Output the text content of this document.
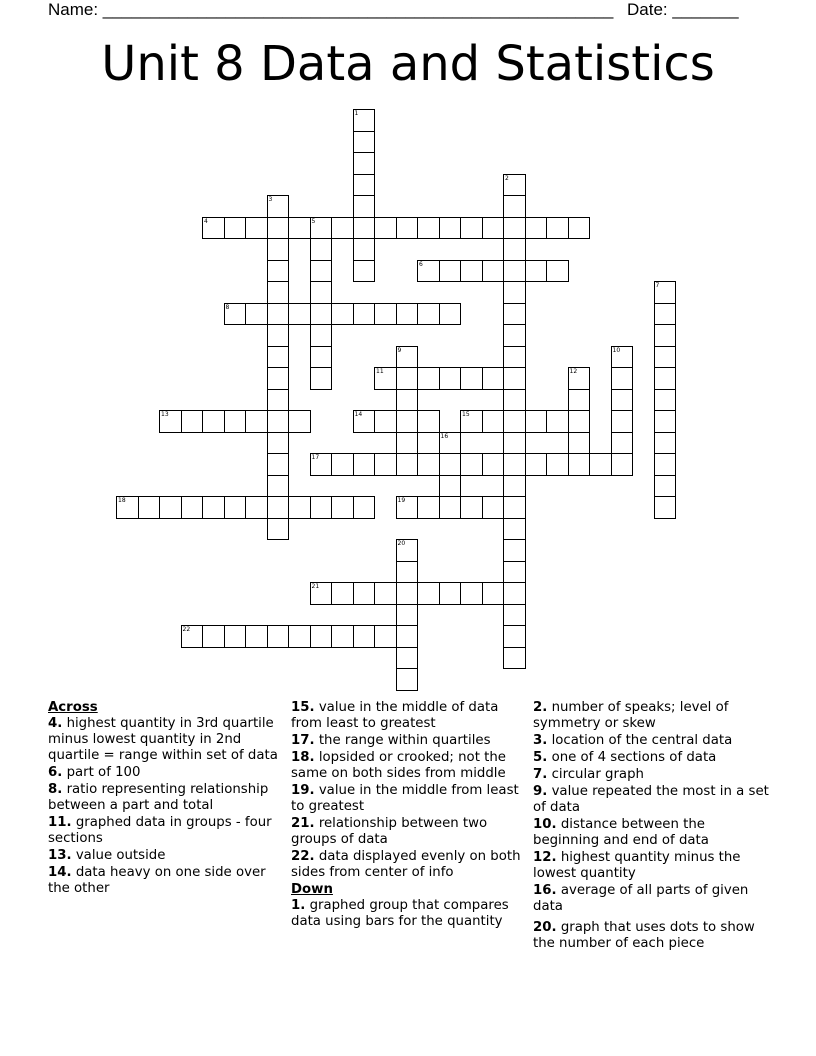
Name: ______________________________________________________ Date: _______
Unit 8 Data and Statistics
4	5
6
8
11
13	14	15
17
18	19
21
22
1
2
3
7
9	10
12
16
20
Across
4. highest quantity in 3rd quartile minus lowest quantity in 2nd quartile = range within set of data
6. part of 100
8. ratio representing relationship between a part and total
11. graphed data in groups - four sections
13. value outside
14. data heavy on one side over the other
15. value in the middle of data from least to greatest
17. the range within quartiles
18. lopsided or crooked; not the same on both sides from middle
19. value in the middle from least to greatest
21. relationship between two groups of data
22. data displayed evenly on both sides from center of info
Down
1. graphed group that compares data using bars for the quantity
2. number of speaks; level of symmetry or skew
3. location of the central data
5. one of 4 sections of data
7. circular graph
9. value repeated the most in a set of data
10. distance between the beginning and end of data
12. highest quantity minus the lowest quantity
16. average of all parts of given data
20. graph that uses dots to show the number of each piece
